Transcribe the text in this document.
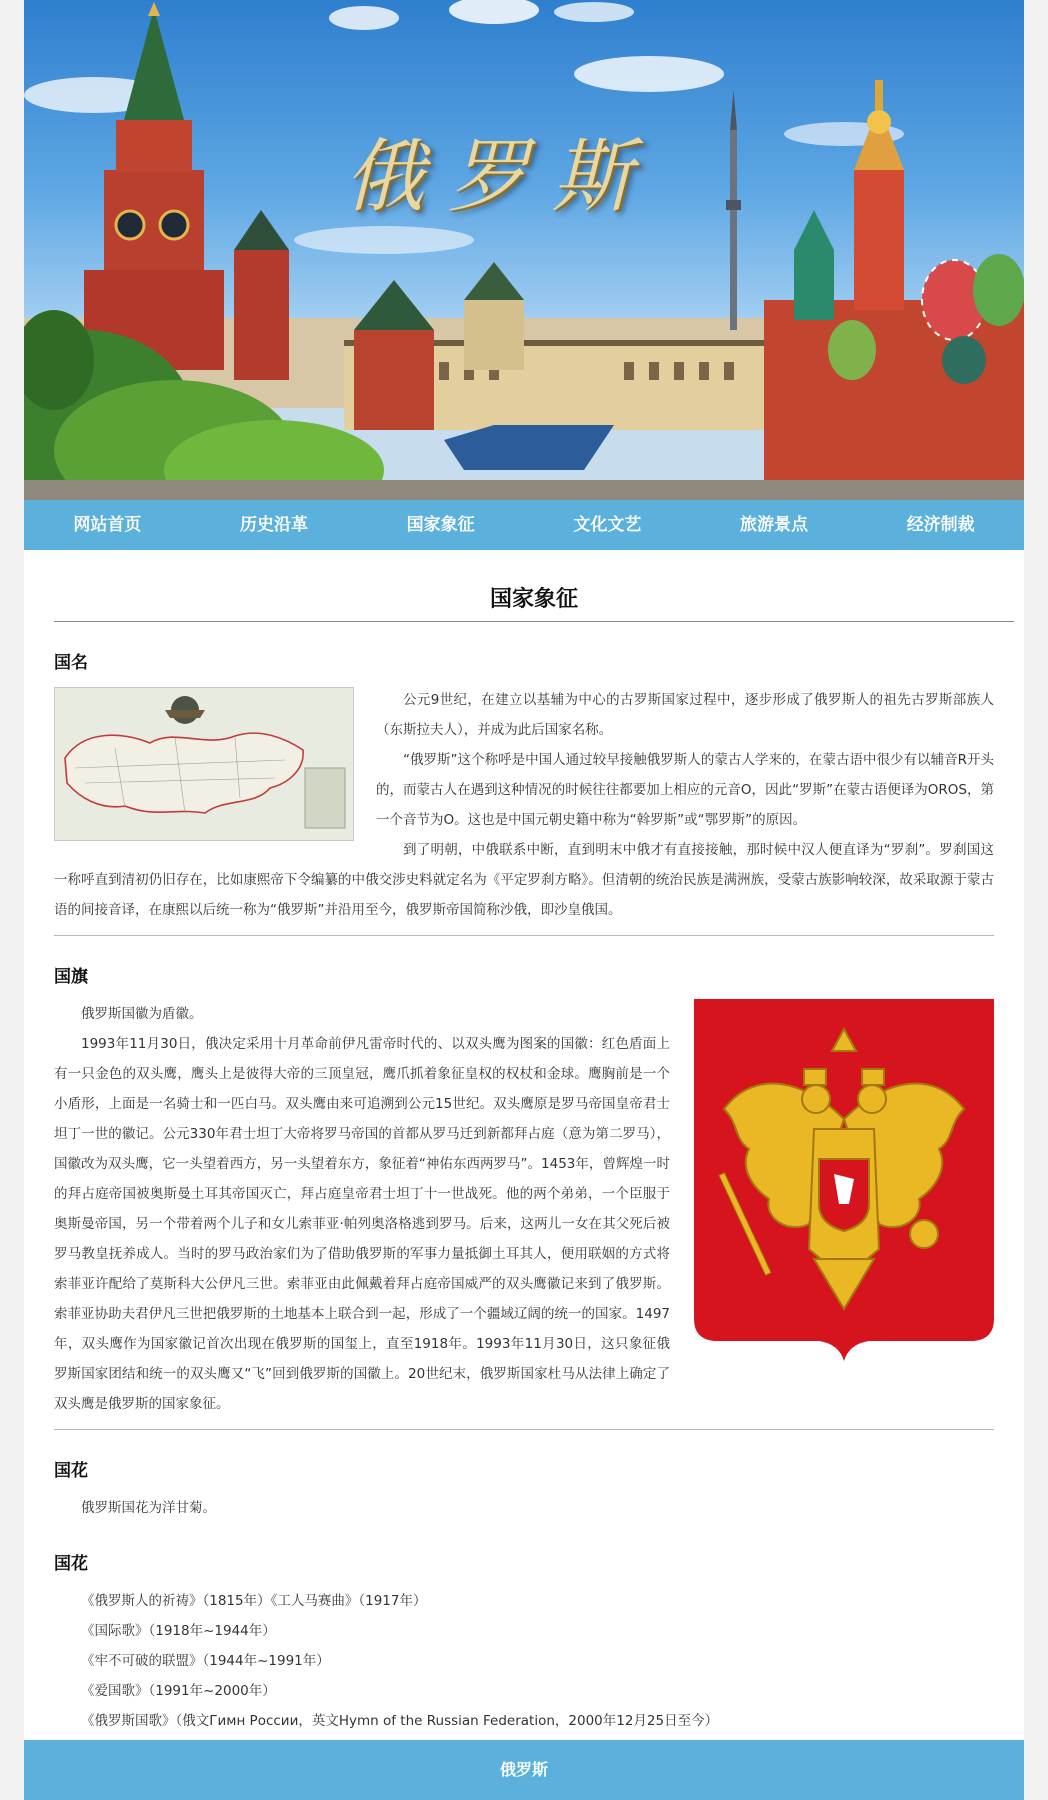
俄罗斯
网站首页	历史沿革	国家象征	文化文艺	旅游景点	经济制裁
国家象征
国名

公元9世纪，在建立以基辅为中心的古罗斯国家过程中，逐步形成了俄罗斯人的祖先古罗斯部族人（东斯拉夫人），并成为此后国家名称。

“俄罗斯”这个称呼是中国人通过较早接触俄罗斯人的蒙古人学来的，在蒙古语中很少有以辅音R开头的，而蒙古人在遇到这种情况的时候往往都要加上相应的元音O，因此“罗斯”在蒙古语便译为OROS，第一个音节为O。这也是中国元朝史籍中称为“斡罗斯”或“鄂罗斯”的原因。

到了明朝，中俄联系中断，直到明末中俄才有直接接触，那时候中汉人便直译为“罗刹”。罗刹国这一称呼直到清初仍旧存在，比如康熙帝下令编纂的中俄交涉史料就定名为《平定罗刹方略》。但清朝的统治民族是满洲族，受蒙古族影响较深，故采取源于蒙古语的间接音译，在康熙以后统一称为“俄罗斯”并沿用至今，俄罗斯帝国简称沙俄，即沙皇俄国。

国旗

俄罗斯国徽为盾徽。

1993年11月30日，俄决定采用十月革命前伊凡雷帝时代的、以双头鹰为图案的国徽：红色盾面上有一只金色的双头鹰，鹰头上是彼得大帝的三顶皇冠，鹰爪抓着象征皇权的权杖和金球。鹰胸前是一个小盾形，上面是一名骑士和一匹白马。双头鹰由来可追溯到公元15世纪。双头鹰原是罗马帝国皇帝君士坦丁一世的徽记。公元330年君士坦丁大帝将罗马帝国的首都从罗马迁到新都拜占庭（意为第二罗马），国徽改为双头鹰，它一头望着西方，另一头望着东方，象征着“神佑东西两罗马”。1453年，曾辉煌一时的拜占庭帝国被奥斯曼土耳其帝国灭亡，拜占庭皇帝君士坦丁十一世战死。他的两个弟弟，一个臣服于奥斯曼帝国，另一个带着两个儿子和女儿索菲亚·帕列奥洛格逃到罗马。后来，这两儿一女在其父死后被罗马教皇抚养成人。当时的罗马政治家们为了借助俄罗斯的军事力量抵御土耳其人，便用联姻的方式将索菲亚许配给了莫斯科大公伊凡三世。索菲亚由此佩戴着拜占庭帝国威严的双头鹰徽记来到了俄罗斯。索菲亚协助夫君伊凡三世把俄罗斯的土地基本上联合到一起，形成了一个疆域辽阔的统一的国家。1497年，双头鹰作为国家徽记首次出现在俄罗斯的国玺上，直至1918年。1993年11月30日，这只象征俄罗斯国家团结和统一的双头鹰又“飞”回到俄罗斯的国徽上。20世纪末，俄罗斯国家杜马从法律上确定了双头鹰是俄罗斯的国家象征。

国花

俄罗斯国花为洋甘菊。

国花

《俄罗斯人的祈祷》（1815年）《工人马赛曲》（1917年）

《国际歌》（1918年~1944年）

《牢不可破的联盟》（1944年~1991年）

《爱国歌》（1991年~2000年）

《俄罗斯国歌》（俄文Гимн России，英文Hymn of the Russian Federation，2000年12月25日至今）

俄罗斯
